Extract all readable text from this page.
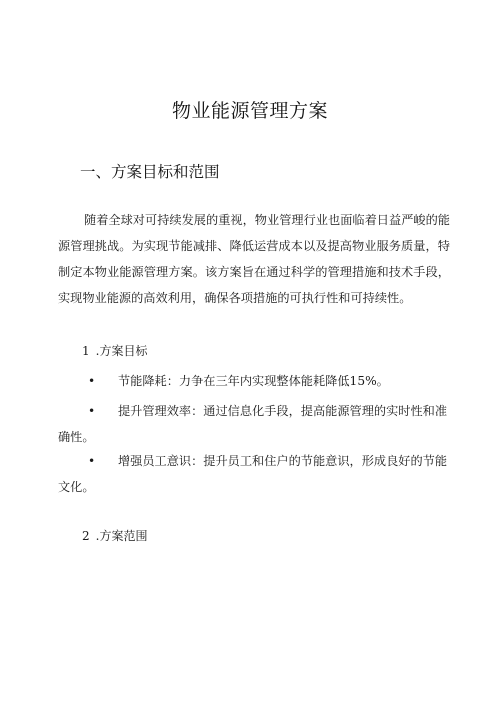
物业能源管理方案
一、方案目标和范围

随着全球对可持续发展的重视，物业管理行业也面临着日益严峻的能源管理挑战。为实现节能减排、降低运营成本以及提高物业服务质量，特制定本物业能源管理方案。该方案旨在通过科学的管理措施和技术手段，实现物业能源的高效利用，确保各项措施的可执行性和可持续性。

1 .方案目标

• 节能降耗：力争在三年内实现整体能耗降低15%。

• 提升管理效率：通过信息化手段，提高能源管理的实时性和准确性。

• 增强员工意识：提升员工和住户的节能意识，形成良好的节能文化。

2 .方案范围
